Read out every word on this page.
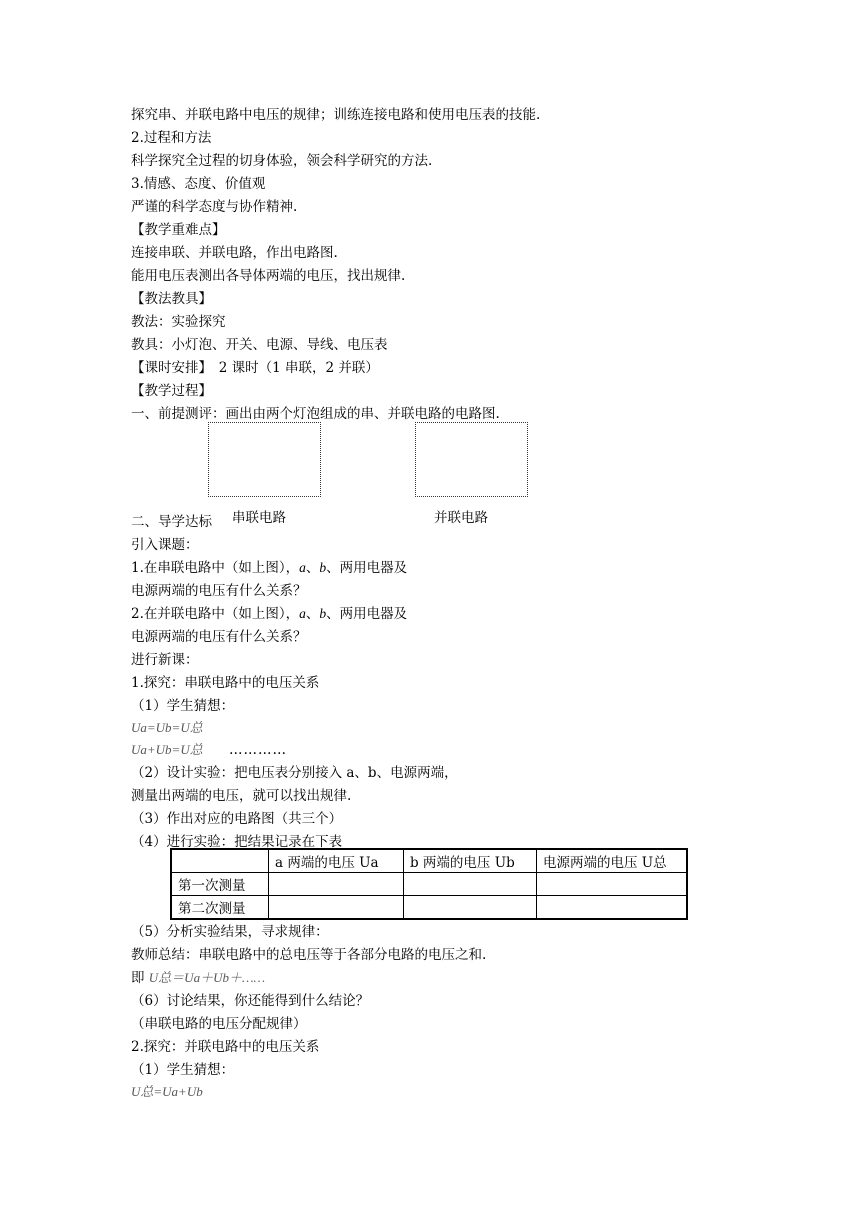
探究串、并联电路中电压的规律；训练连接电路和使用电压表的技能.
2.过程和方法
科学探究全过程的切身体验，领会科学研究的方法.
3.情感、态度、价值观
严谨的科学态度与协作精神.
【教学重难点】
连接串联、并联电路，作出电路图.
能用电压表测出各导体两端的电压，找出规律.
【教法教具】
教法：实验探究
教具：小灯泡、开关、电源、导线、电压表
【课时安排】　2 课时（1 串联，2 并联）
【教学过程】
一、前提测评：画出由两个灯泡组成的串、并联电路的电路图.
二、导学达标 串联电路	并联电路
引入课题：
1.在串联电路中（如上图），a、b、两用电器及
电源两端的电压有什么关系？
2.在并联电路中（如上图），a、b、两用电器及
电源两端的电压有什么关系？
进行新课：
1.探究：串联电路中的电压关系
（1）学生猜想：
Ua=Ub=U总
Ua+Ub=U总 …………
（2）设计实验：把电压表分别接入 a、b、电源两端，
测量出两端的电压，就可以找出规律.
（3）作出对应的电路图（共三个）
（4）进行实验：把结果记录在下表
	a 两端的电压 Ua	b 两端的电压 Ub	电源两端的电压 U总
第一次测量			
第二次测量			
（5）分析实验结果，寻求规律：
教师总结：串联电路中的总电压等于各部分电路的电压之和.
即 U总＝Ua＋Ub＋……
（6）讨论结果，你还能得到什么结论？
（串联电路的电压分配规律）
2.探究：并联电路中的电压关系
（1）学生猜想：
U总=Ua+Ub
